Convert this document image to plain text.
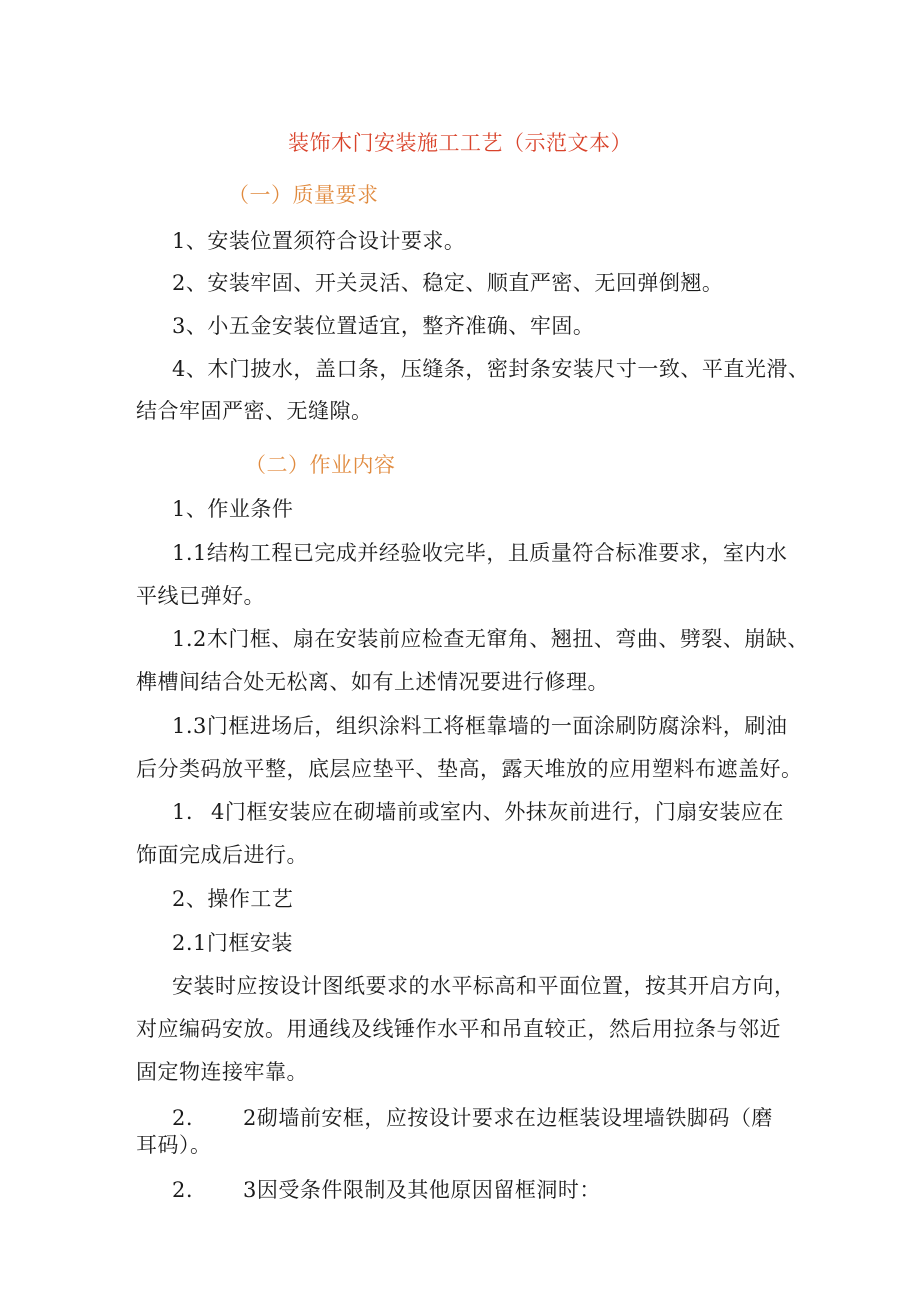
装饰木门安装施工工艺（示范文本）
（一）质量要求
1、安装位置须符合设计要求。
2、安装牢固、开关灵活、稳定、顺直严密、无回弹倒翘。
3、小五金安装位置适宜，整齐准确、牢固。
4、木门披水，盖口条，压缝条，密封条安装尺寸一致、平直光滑、
结合牢固严密、无缝隙。
（二）作业内容
1、作业条件
1.1结构工程已完成并经验收完毕，且质量符合标准要求，室内水
平线已弹好。
1.2木门框、扇在安装前应检查无窜角、翘扭、弯曲、劈裂、崩缺、
榫槽间结合处无松离、如有上述情况要进行修理。
1.3门框进场后，组织涂料工将框靠墙的一面涂刷防腐涂料，刷油
后分类码放平整，底层应垫平、垫高，露天堆放的应用塑料布遮盖好。
1. 4门框安装应在砌墙前或室内、外抹灰前进行，门扇安装应在
饰面完成后进行。
2、操作工艺
2.1门框安装
安装时应按设计图纸要求的水平标高和平面位置，按其开启方向，
对应编码安放。用通线及线锤作水平和吊直较正，然后用拉条与邻近
固定物连接牢靠。
2. 2砌墙前安框，应按设计要求在边框装设埋墙铁脚码（磨
耳码）。
2. 3因受条件限制及其他原因留框洞时：
